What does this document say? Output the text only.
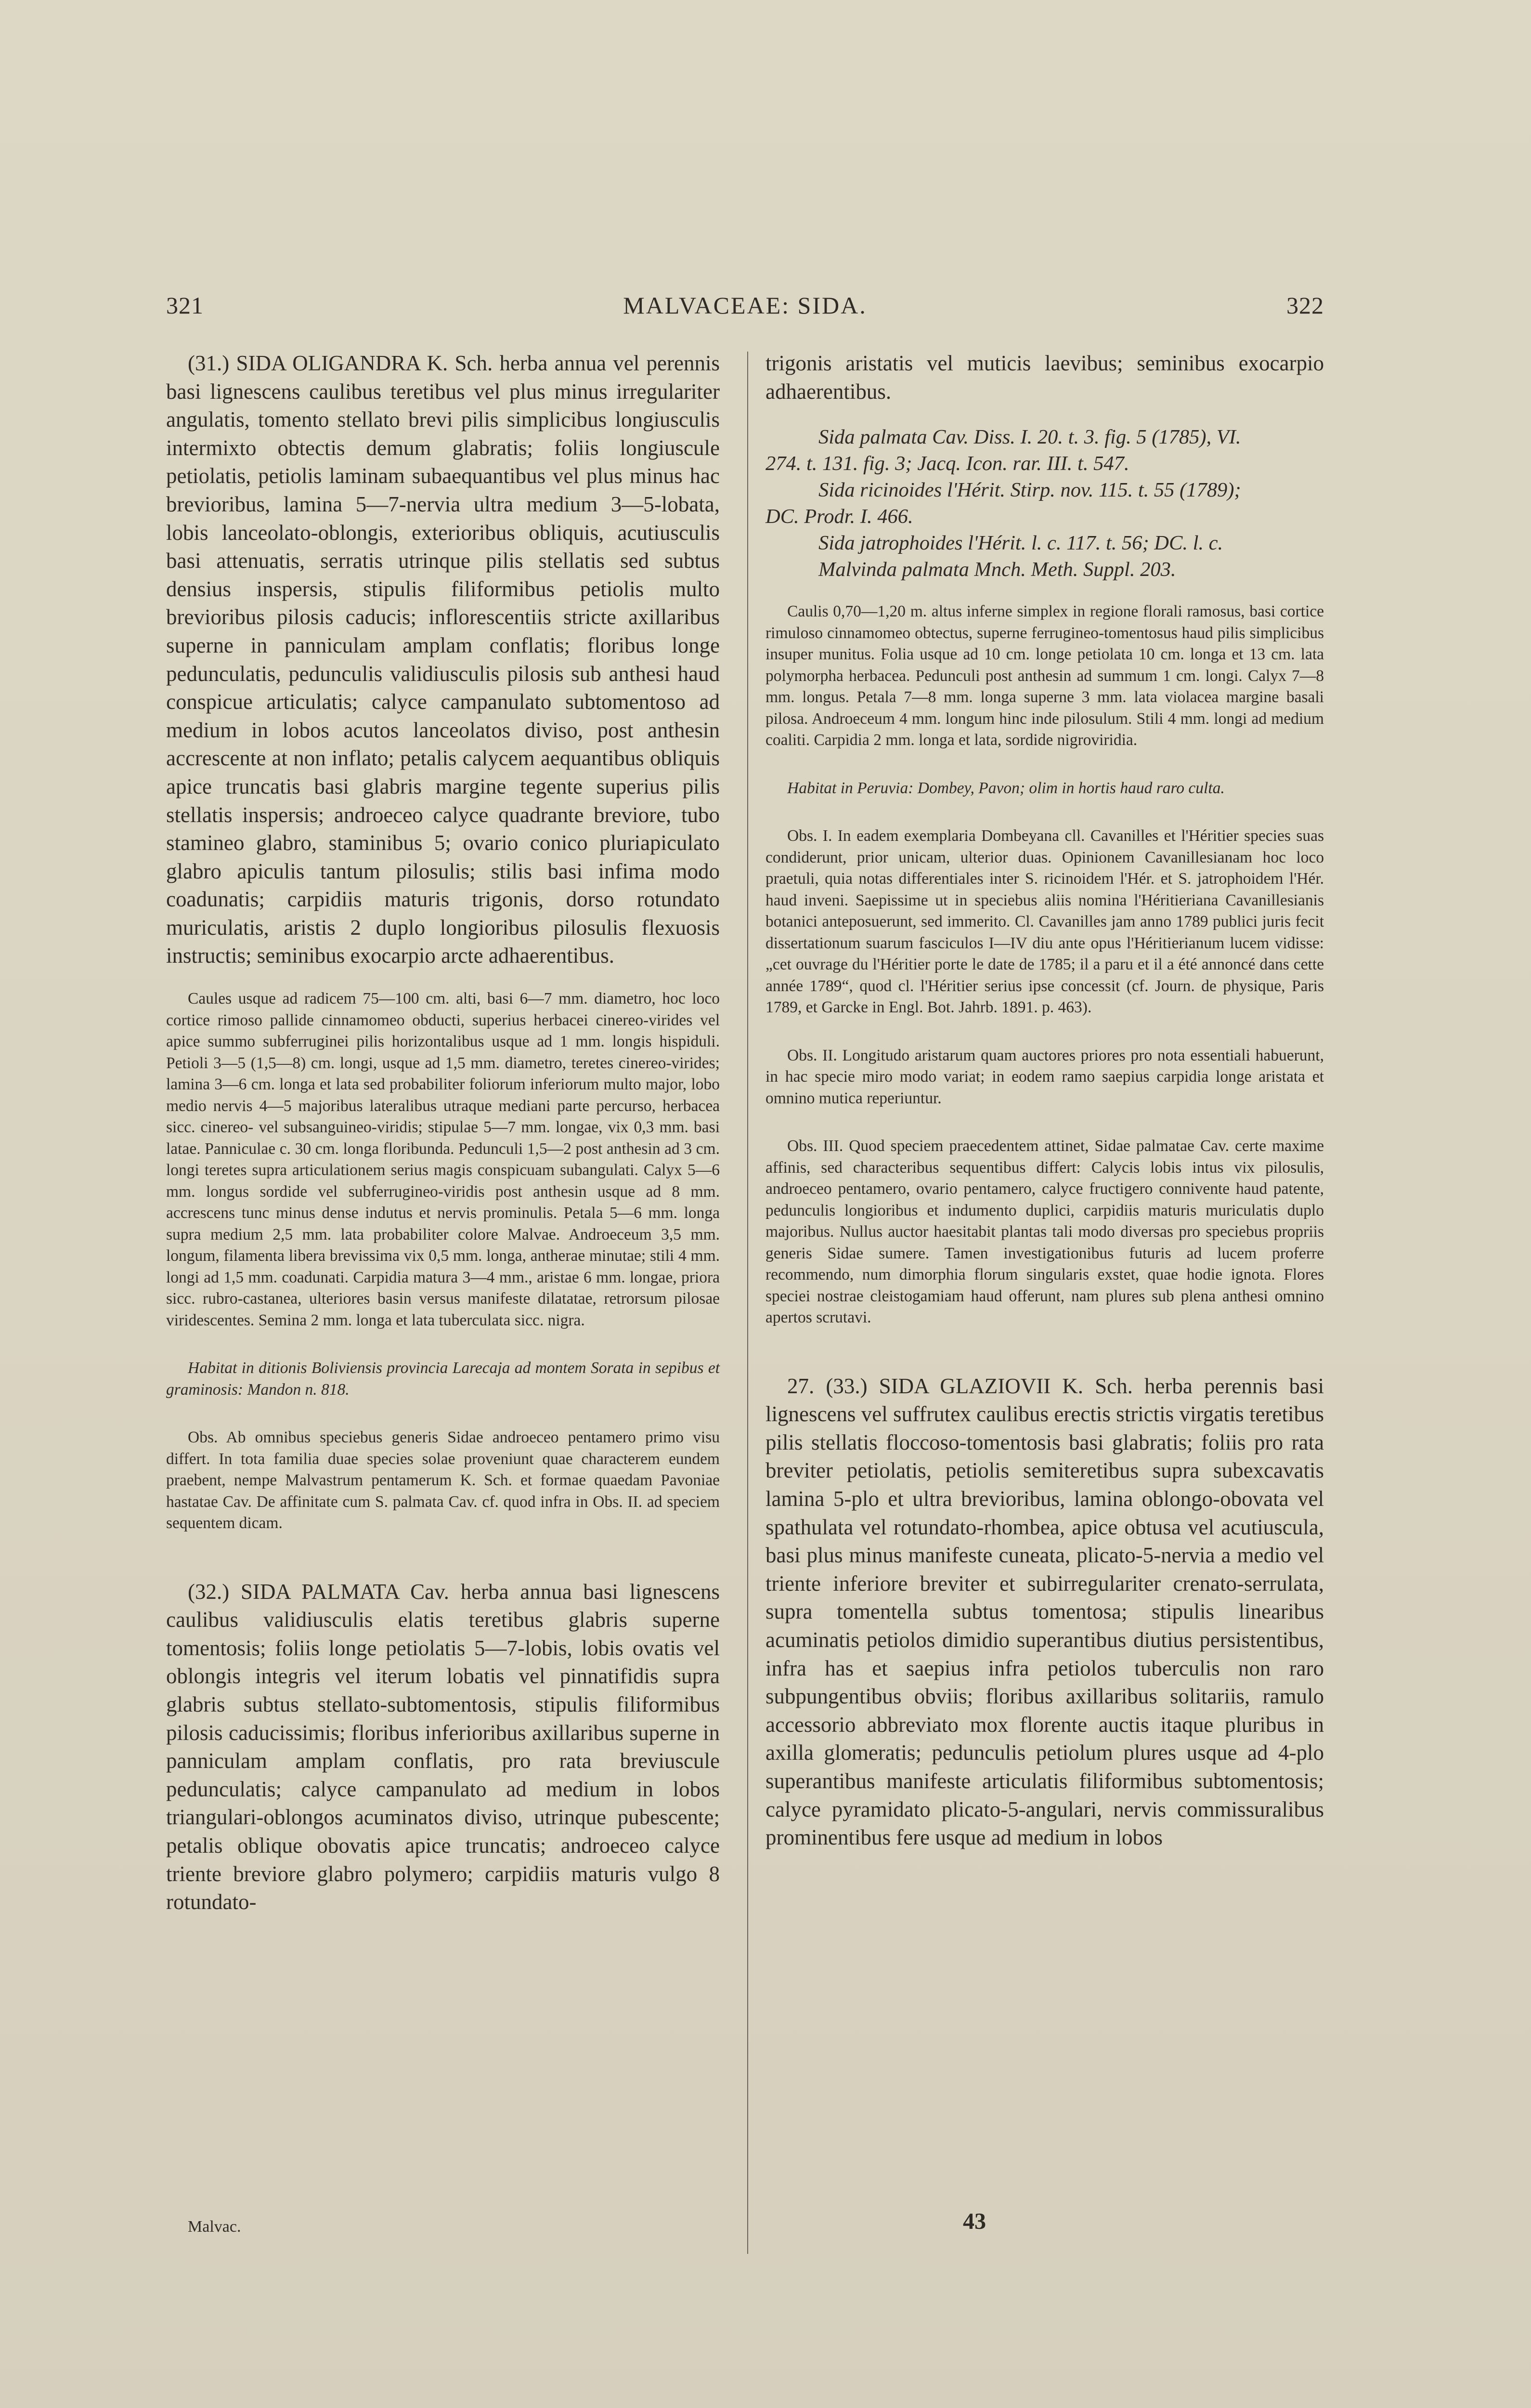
321	MALVACEAE: SIDA.	322

(31.) SIDA OLIGANDRA K. Sch. herba annua vel perennis basi lignescens caulibus teretibus vel plus minus irregulariter angulatis, tomento stellato brevi pilis simplicibus longiusculis intermixto obtectis demum glabratis; foliis longiuscule petiolatis, petiolis laminam subaequantibus vel plus minus hac brevioribus, lamina 5—7-nervia ultra medium 3—5-lobata, lobis lanceolato-oblongis, exterioribus obliquis, acutiusculis basi attenuatis, serratis utrinque pilis stellatis sed subtus densius inspersis, stipulis filiformibus petiolis multo brevioribus pilosis caducis; inflorescentiis stricte axillaribus superne in panniculam amplam conflatis; floribus longe pedunculatis, pedunculis validiusculis pilosis sub anthesi haud conspicue articulatis; calyce campanulato subtomentoso ad medium in lobos acutos lanceolatos diviso, post anthesin accrescente at non inflato; petalis calycem aequantibus obliquis apice truncatis basi glabris margine tegente superius pilis stellatis inspersis; androeceo calyce quadrante breviore, tubo stamineo glabro, staminibus 5; ovario conico pluriapiculato glabro apiculis tantum pilosulis; stilis basi infima modo coadunatis; carpidiis maturis trigonis, dorso rotundato muriculatis, aristis 2 duplo longioribus pilosulis flexuosis instructis; seminibus exocarpio arcte adhaerentibus.

Caules usque ad radicem 75—100 cm. alti, basi 6—7 mm. diametro, hoc loco cortice rimoso pallide cinnamomeo obducti, superius herbacei cinereo-virides vel apice summo subferruginei pilis horizontalibus usque ad 1 mm. longis hispiduli. Petioli 3—5 (1,5—8) cm. longi, usque ad 1,5 mm. diametro, teretes cinereo-virides; lamina 3—6 cm. longa et lata sed probabiliter foliorum inferiorum multo major, lobo medio nervis 4—5 majoribus lateralibus utraque mediani parte percurso, herbacea sicc. cinereo- vel subsanguineo-viridis; stipulae 5—7 mm. longae, vix 0,3 mm. basi latae. Panniculae c. 30 cm. longa floribunda. Pedunculi 1,5—2 post anthesin ad 3 cm. longi teretes supra articulationem serius magis conspicuam subangulati. Calyx 5—6 mm. longus sordide vel subferrugineo-viridis post anthesin usque ad 8 mm. accrescens tunc minus dense indutus et nervis prominulis. Petala 5—6 mm. longa supra medium 2,5 mm. lata probabiliter colore Malvae. Androeceum 3,5 mm. longum, filamenta libera brevissima vix 0,5 mm. longa, antherae minutae; stili 4 mm. longi ad 1,5 mm. coadunati. Carpidia matura 3—4 mm., aristae 6 mm. longae, priora sicc. rubro-castanea, ulteriores basin versus manifeste dilatatae, retrorsum pilosae viridescentes. Semina 2 mm. longa et lata tuberculata sicc. nigra.

Habitat in ditionis Boliviensis provincia Larecaja ad montem Sorata in sepibus et graminosis: Mandon n. 818.

Obs. Ab omnibus speciebus generis Sidae androeceo pentamero primo visu differt. In tota familia duae species solae proveniunt quae characterem eundem praebent, nempe Malvastrum pentamerum K. Sch. et formae quaedam Pavoniae hastatae Cav. De affinitate cum S. palmata Cav. cf. quod infra in Obs. II. ad speciem sequentem dicam.

(32.) SIDA PALMATA Cav. herba annua basi lignescens caulibus validiusculis elatis teretibus glabris superne tomentosis; foliis longe petiolatis 5—7-lobis, lobis ovatis vel oblongis integris vel iterum lobatis vel pinnatifidis supra glabris subtus stellato-subtomentosis, stipulis filiformibus pilosis caducissimis; floribus inferioribus axillaribus superne in panniculam amplam conflatis, pro rata breviuscule pedunculatis; calyce campanulato ad medium in lobos triangulari-oblongos acuminatos diviso, utrinque pubescente; petalis oblique obovatis apice truncatis; androeceo calyce triente breviore glabro polymero; carpidiis maturis vulgo 8 rotundato-

trigonis aristatis vel muticis laevibus; seminibus exocarpio adhaerentibus.

Sida palmata Cav. Diss. I. 20. t. 3. fig. 5 (1785), VI.

274. t. 131. fig. 3; Jacq. Icon. rar. III. t. 547.

Sida ricinoides l'Hérit. Stirp. nov. 115. t. 55 (1789);

DC. Prodr. I. 466.

Sida jatrophoides l'Hérit. l. c. 117. t. 56; DC. l. c.

Malvinda palmata Mnch. Meth. Suppl. 203.

Caulis 0,70—1,20 m. altus inferne simplex in regione florali ramosus, basi cortice rimuloso cinnamomeo obtectus, superne ferrugineo-tomentosus haud pilis simplicibus insuper munitus. Folia usque ad 10 cm. longe petiolata 10 cm. longa et 13 cm. lata polymorpha herbacea. Pedunculi post anthesin ad summum 1 cm. longi. Calyx 7—8 mm. longus. Petala 7—8 mm. longa superne 3 mm. lata violacea margine basali pilosa. Androeceum 4 mm. longum hinc inde pilosulum. Stili 4 mm. longi ad medium coaliti. Carpidia 2 mm. longa et lata, sordide nigroviridia.

Habitat in Peruvia: Dombey, Pavon; olim in hortis haud raro culta.

Obs. I. In eadem exemplaria Dombeyana cll. Cavanilles et l'Héritier species suas condiderunt, prior unicam, ulterior duas. Opinionem Cavanillesianam hoc loco praetuli, quia notas differentiales inter S. ricinoidem l'Hér. et S. jatrophoidem l'Hér. haud inveni. Saepissime ut in speciebus aliis nomina l'Héritieriana Cavanillesianis botanici anteposuerunt, sed immerito. Cl. Cavanilles jam anno 1789 publici juris fecit dissertationum suarum fasciculos I—IV diu ante opus l'Héritierianum lucem vidisse: „cet ouvrage du l'Héritier porte le date de 1785; il a paru et il a été annoncé dans cette année 1789“, quod cl. l'Héritier serius ipse concessit (cf. Journ. de physique, Paris 1789, et Garcke in Engl. Bot. Jahrb. 1891. p. 463).

Obs. II. Longitudo aristarum quam auctores priores pro nota essentiali habuerunt, in hac specie miro modo variat; in eodem ramo saepius carpidia longe aristata et omnino mutica reperiuntur.

Obs. III. Quod speciem praecedentem attinet, Sidae palmatae Cav. certe maxime affinis, sed characteribus sequentibus differt: Calycis lobis intus vix pilosulis, androeceo pentamero, ovario pentamero, calyce fructigero connivente haud patente, pedunculis longioribus et indumento duplici, carpidiis maturis muriculatis duplo majoribus. Nullus auctor haesitabit plantas tali modo diversas pro speciebus propriis generis Sidae sumere. Tamen investigationibus futuris ad lucem proferre recommendo, num dimorphia florum singularis exstet, quae hodie ignota. Flores speciei nostrae cleistogamiam haud offerunt, nam plures sub plena anthesi omnino apertos scrutavi.

27. (33.) SIDA GLAZIOVII K. Sch. herba perennis basi lignescens vel suffrutex caulibus erectis strictis virgatis teretibus pilis stellatis floccoso-tomentosis basi glabratis; foliis pro rata breviter petiolatis, petiolis semiteretibus supra subexcavatis lamina 5-plo et ultra brevioribus, lamina oblongo-obovata vel spathulata vel rotundato-rhombea, apice obtusa vel acutiuscula, basi plus minus manifeste cuneata, plicato-5-nervia a medio vel triente inferiore breviter et subirregulariter crenato-serrulata, supra tomentella subtus tomentosa; stipulis linearibus acuminatis petiolos dimidio superantibus diutius persistentibus, infra has et saepius infra petiolos tuberculis non raro subpungentibus obviis; floribus axillaribus solitariis, ramulo accessorio abbreviato mox florente auctis itaque pluribus in axilla glomeratis; pedunculis petiolum plures usque ad 4-plo superantibus manifeste articulatis filiformibus subtomentosis; calyce pyramidato plicato-5-angulari, nervis commissuralibus prominentibus fere usque ad medium in lobos

Malvac.	43
